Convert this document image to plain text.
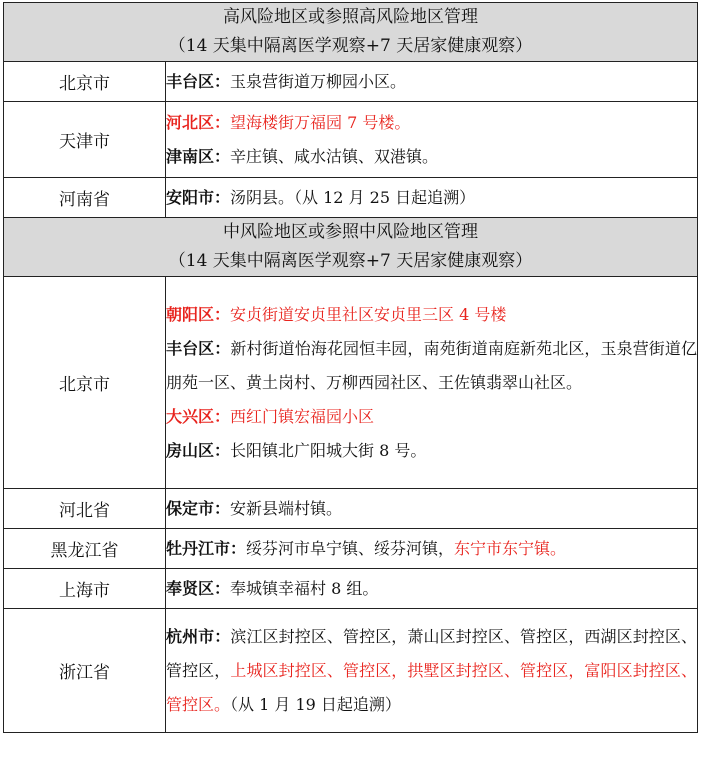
高风险地区或参照高风险地区管理
（14 天集中隔离医学观察+7 天居家健康观察）	

北京市	丰台区：玉泉营街道万柳园小区。

天津市	河北区：望海楼街万福园 7 号楼。
津南区：辛庄镇、咸水沽镇、双港镇。

河南省	安阳市：汤阴县。（从 12 月 25 日起追溯）

中风险地区或参照中风险地区管理
（14 天集中隔离医学观察+7 天居家健康观察）	

北京市	朝阳区：安贞街道安贞里社区安贞里三区 4 号楼
丰台区：新村街道怡海花园恒丰园，南苑街道南庭新苑北区，玉泉营街道亿朋苑一区、黄土岗村、万柳西园社区、王佐镇翡翠山社区。
大兴区：西红门镇宏福园小区
房山区：长阳镇北广阳城大街 8 号。

河北省	保定市：安新县端村镇。

黑龙江省	牡丹江市：绥芬河市阜宁镇、绥芬河镇，东宁市东宁镇。

上海市	奉贤区：奉城镇幸福村 8 组。

浙江省	杭州市：滨江区封控区、管控区，萧山区封控区、管控区，西湖区封控区、管控区，上城区封控区、管控区，拱墅区封控区、管控区，富阳区封控区、管控区。（从 1 月 19 日起追溯）
